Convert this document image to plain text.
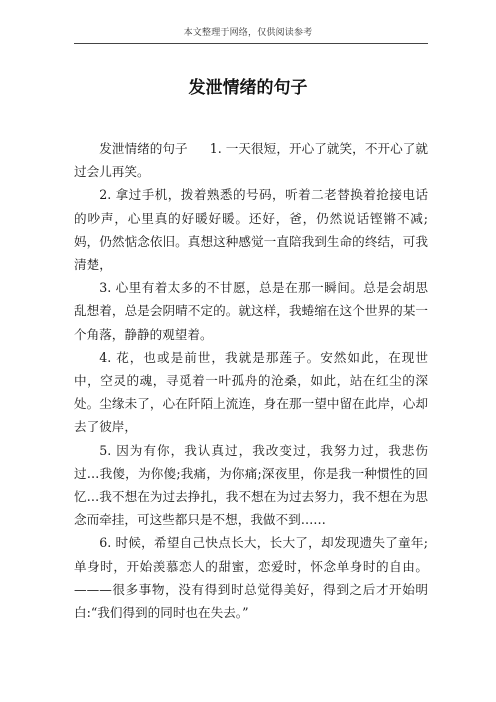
本文整理于网络，仅供阅读参考
发泄情绪的句子

发泄情绪的句子 1. 一天很短，开心了就笑，不开心了就过会儿再笑。

2. 拿过手机，拨着熟悉的号码，听着二老替换着抢接电话的吵声，心里真的好暖好暖。还好，爸，仍然说话铿锵不减;妈，仍然惦念依旧。真想这种感觉一直陪我到生命的终结，可我清楚，

3. 心里有着太多的不甘愿，总是在那一瞬间。总是会胡思乱想着，总是会阴晴不定的。就这样，我蜷缩在这个世界的某一个角落，静静的观望着。

4. 花，也或是前世，我就是那莲子。安然如此，在现世中，空灵的魂，寻觅着一叶孤舟的沧桑，如此，站在红尘的深处。尘缘未了，心在阡陌上流连，身在那一望中留在此岸，心却去了彼岸，

5. 因为有你，我认真过，我改变过，我努力过，我悲伤过…我傻，为你傻;我痛，为你痛;深夜里，你是我一种惯性的回忆…我不想在为过去挣扎，我不想在为过去努力，我不想在为思念而牵挂，可这些都只是不想，我做不到……

6. 时候，希望自己快点长大，长大了，却发现遗失了童年;单身时，开始羡慕恋人的甜蜜，恋爱时，怀念单身时的自由。———很多事物，没有得到时总觉得美好，得到之后才开始明白:“我们得到的同时也在失去。”
